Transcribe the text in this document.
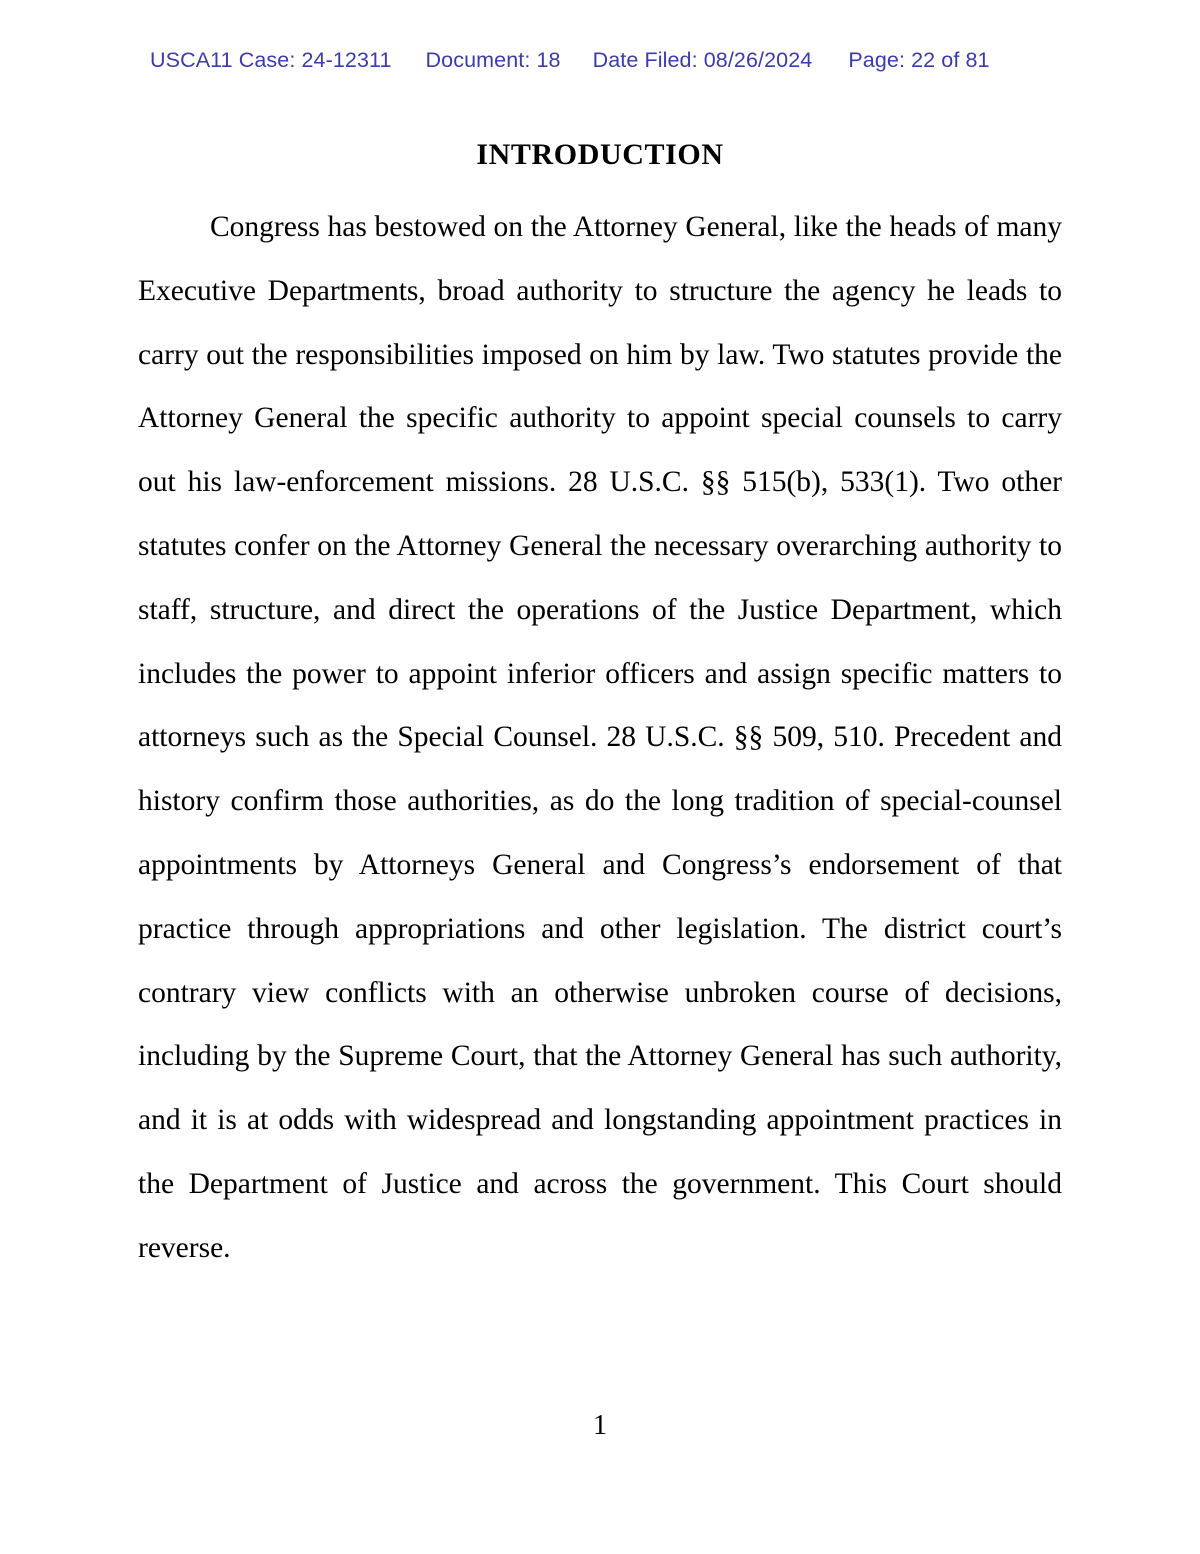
USCA11 Case: 24-12311 Document: 18 Date Filed: 08/26/2024 Page: 22 of 81
INTRODUCTION

Congress has bestowed on the Attorney General, like the heads of many Executive Departments, broad authority to structure the agency he leads to carry out the responsibilities imposed on him by law. Two statutes provide the Attorney General the specific authority to appoint special counsels to carry out his law-enforcement missions. 28 U.S.C. §§ 515(b), 533(1). Two other statutes confer on the Attorney General the necessary overarching authority to staff, structure, and direct the operations of the Justice Department, which includes the power to appoint inferior officers and assign specific matters to attorneys such as the Special Counsel. 28 U.S.C. §§ 509, 510. Precedent and history confirm those authorities, as do the long tradition of special-counsel appointments by Attorneys General and Congress’s endorsement of that practice through appropriations and other legislation. The district court’s contrary view conflicts with an otherwise unbroken course of decisions, including by the Supreme Court, that the Attorney General has such authority, and it is at odds with widespread and longstanding appointment practices in the Department of Justice and across the government. This Court should reverse.

1
